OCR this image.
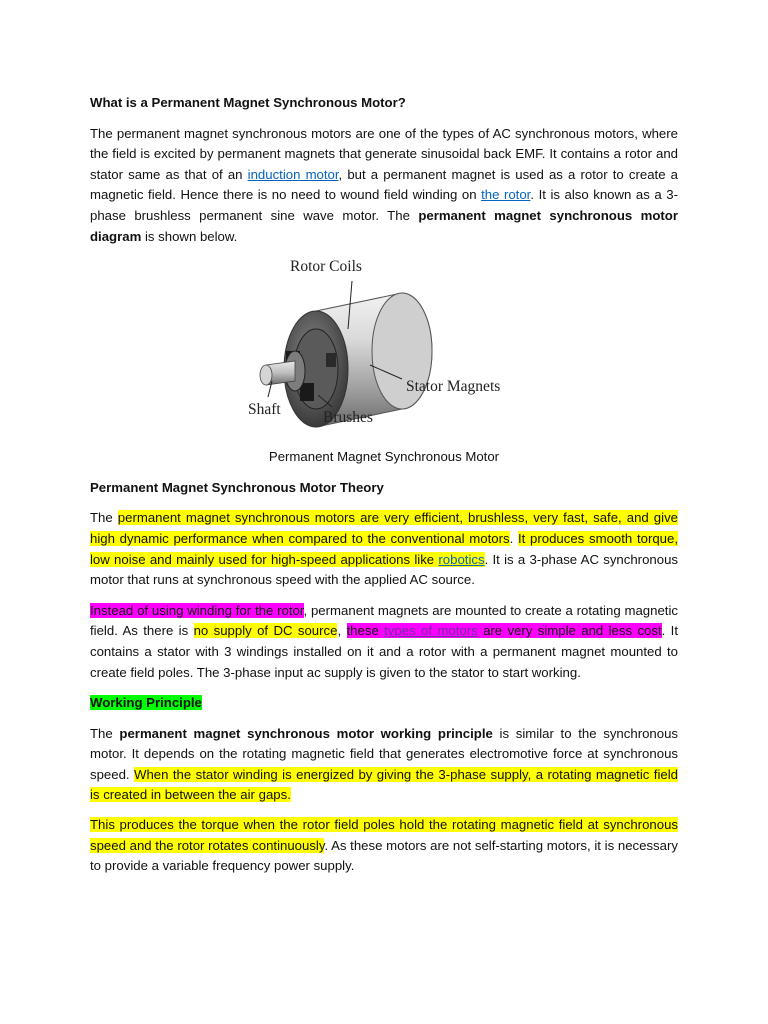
What is a Permanent Magnet Synchronous Motor?

The permanent magnet synchronous motors are one of the types of AC synchronous motors, where the field is excited by permanent magnets that generate sinusoidal back EMF. It contains a rotor and stator same as that of an induction motor, but a permanent magnet is used as a rotor to create a magnetic field. Hence there is no need to wound field winding on the rotor. It is also known as a 3-phase brushless permanent sine wave motor. The permanent magnet synchronous motor diagram is shown below.

Rotor Coils
Stator Magnets
Shaft	Brushes

Permanent Magnet Synchronous Motor

Permanent Magnet Synchronous Motor Theory

The permanent magnet synchronous motors are very efficient, brushless, very fast, safe, and give high dynamic performance when compared to the conventional motors. It produces smooth torque, low noise and mainly used for high-speed applications like robotics. It is a 3-phase AC synchronous motor that runs at synchronous speed with the applied AC source.

Instead of using winding for the rotor, permanent magnets are mounted to create a rotating magnetic field. As there is no supply of DC source, these types of motors are very simple and less cost. It contains a stator with 3 windings installed on it and a rotor with a permanent magnet mounted to create field poles. The 3-phase input ac supply is given to the stator to start working.

Working Principle

The permanent magnet synchronous motor working principle is similar to the synchronous motor. It depends on the rotating magnetic field that generates electromotive force at synchronous speed. When the stator winding is energized by giving the 3-phase supply, a rotating magnetic field is created in between the air gaps.

This produces the torque when the rotor field poles hold the rotating magnetic field at synchronous speed and the rotor rotates continuously. As these motors are not self-starting motors, it is necessary to provide a variable frequency power supply.
